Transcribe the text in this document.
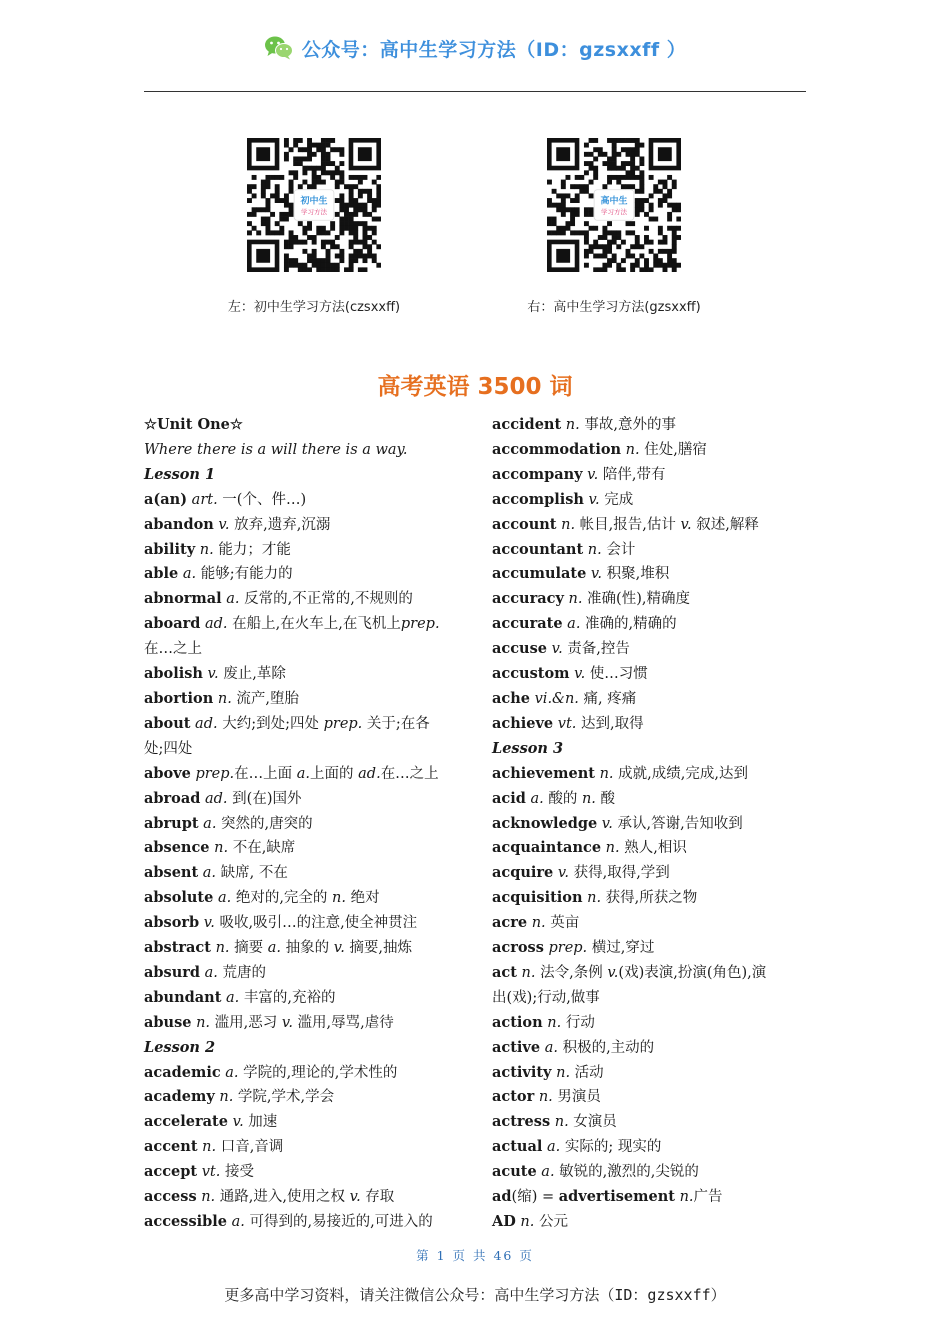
公众号：高中生学习方法（ID：gzsxxff ）
初中生
学习方法
左：初中生学习方法(czsxxff)
高中生
学习方法
右：高中生学习方法(gzsxxff)
高考英语 3500 词
☆Unit One☆
Where there is a will there is a way.
Lesson 1
a(an) art. 一(个、件…)
abandon v. 放弃,遗弃,沉溺
ability n. 能力；才能
able a. 能够;有能力的
abnormal a. 反常的,不正常的,不规则的
aboard ad. 在船上,在火车上,在飞机上prep.
在…之上
abolish v. 废止,革除
abortion n. 流产,堕胎
about ad. 大约;到处;四处 prep. 关于;在各
处;四处
above prep.在…上面 a.上面的 ad.在…之上
abroad ad. 到(在)国外
abrupt a. 突然的,唐突的
absence n. 不在,缺席
absent a. 缺席, 不在
absolute a. 绝对的,完全的 n. 绝对
absorb v. 吸收,吸引…的注意,使全神贯注
abstract n. 摘要 a. 抽象的 v. 摘要,抽炼
absurd a. 荒唐的
abundant a. 丰富的,充裕的
abuse n. 滥用,恶习 v. 滥用,辱骂,虐待
Lesson 2
academic a. 学院的,理论的,学术性的
academy n. 学院,学术,学会
accelerate v. 加速
accent n. 口音,音调
accept vt. 接受
access n. 通路,进入,使用之权 v. 存取
accessible a. 可得到的,易接近的,可进入的
accident n. 事故,意外的事
accommodation n. 住处,膳宿
accompany v. 陪伴,带有
accomplish v. 完成
account n. 帐目,报告,估计 v. 叙述,解释
accountant n. 会计
accumulate v. 积聚,堆积
accuracy n. 准确(性),精确度
accurate a. 准确的,精确的
accuse v. 责备,控告
accustom v. 使…习惯
ache vi.&n. 痛, 疼痛
achieve vt. 达到,取得
Lesson 3
achievement n. 成就,成绩,完成,达到
acid a. 酸的 n. 酸
acknowledge v. 承认,答谢,告知收到
acquaintance n. 熟人,相识
acquire v. 获得,取得,学到
acquisition n. 获得,所获之物
acre n. 英亩
across prep. 横过,穿过
act n. 法令,条例 v.(戏)表演,扮演(角色),演
出(戏);行动,做事
action n. 行动
active a. 积极的,主动的
activity n. 活动
actor n. 男演员
actress n. 女演员
actual a. 实际的; 现实的
acute a. 敏锐的,激烈的,尖锐的
ad(缩) = advertisement n.广告
AD n. 公元
第 1 页 共 46 页
更多高中学习资料，请关注微信公众号：高中生学习方法（ID：gzsxxff）
